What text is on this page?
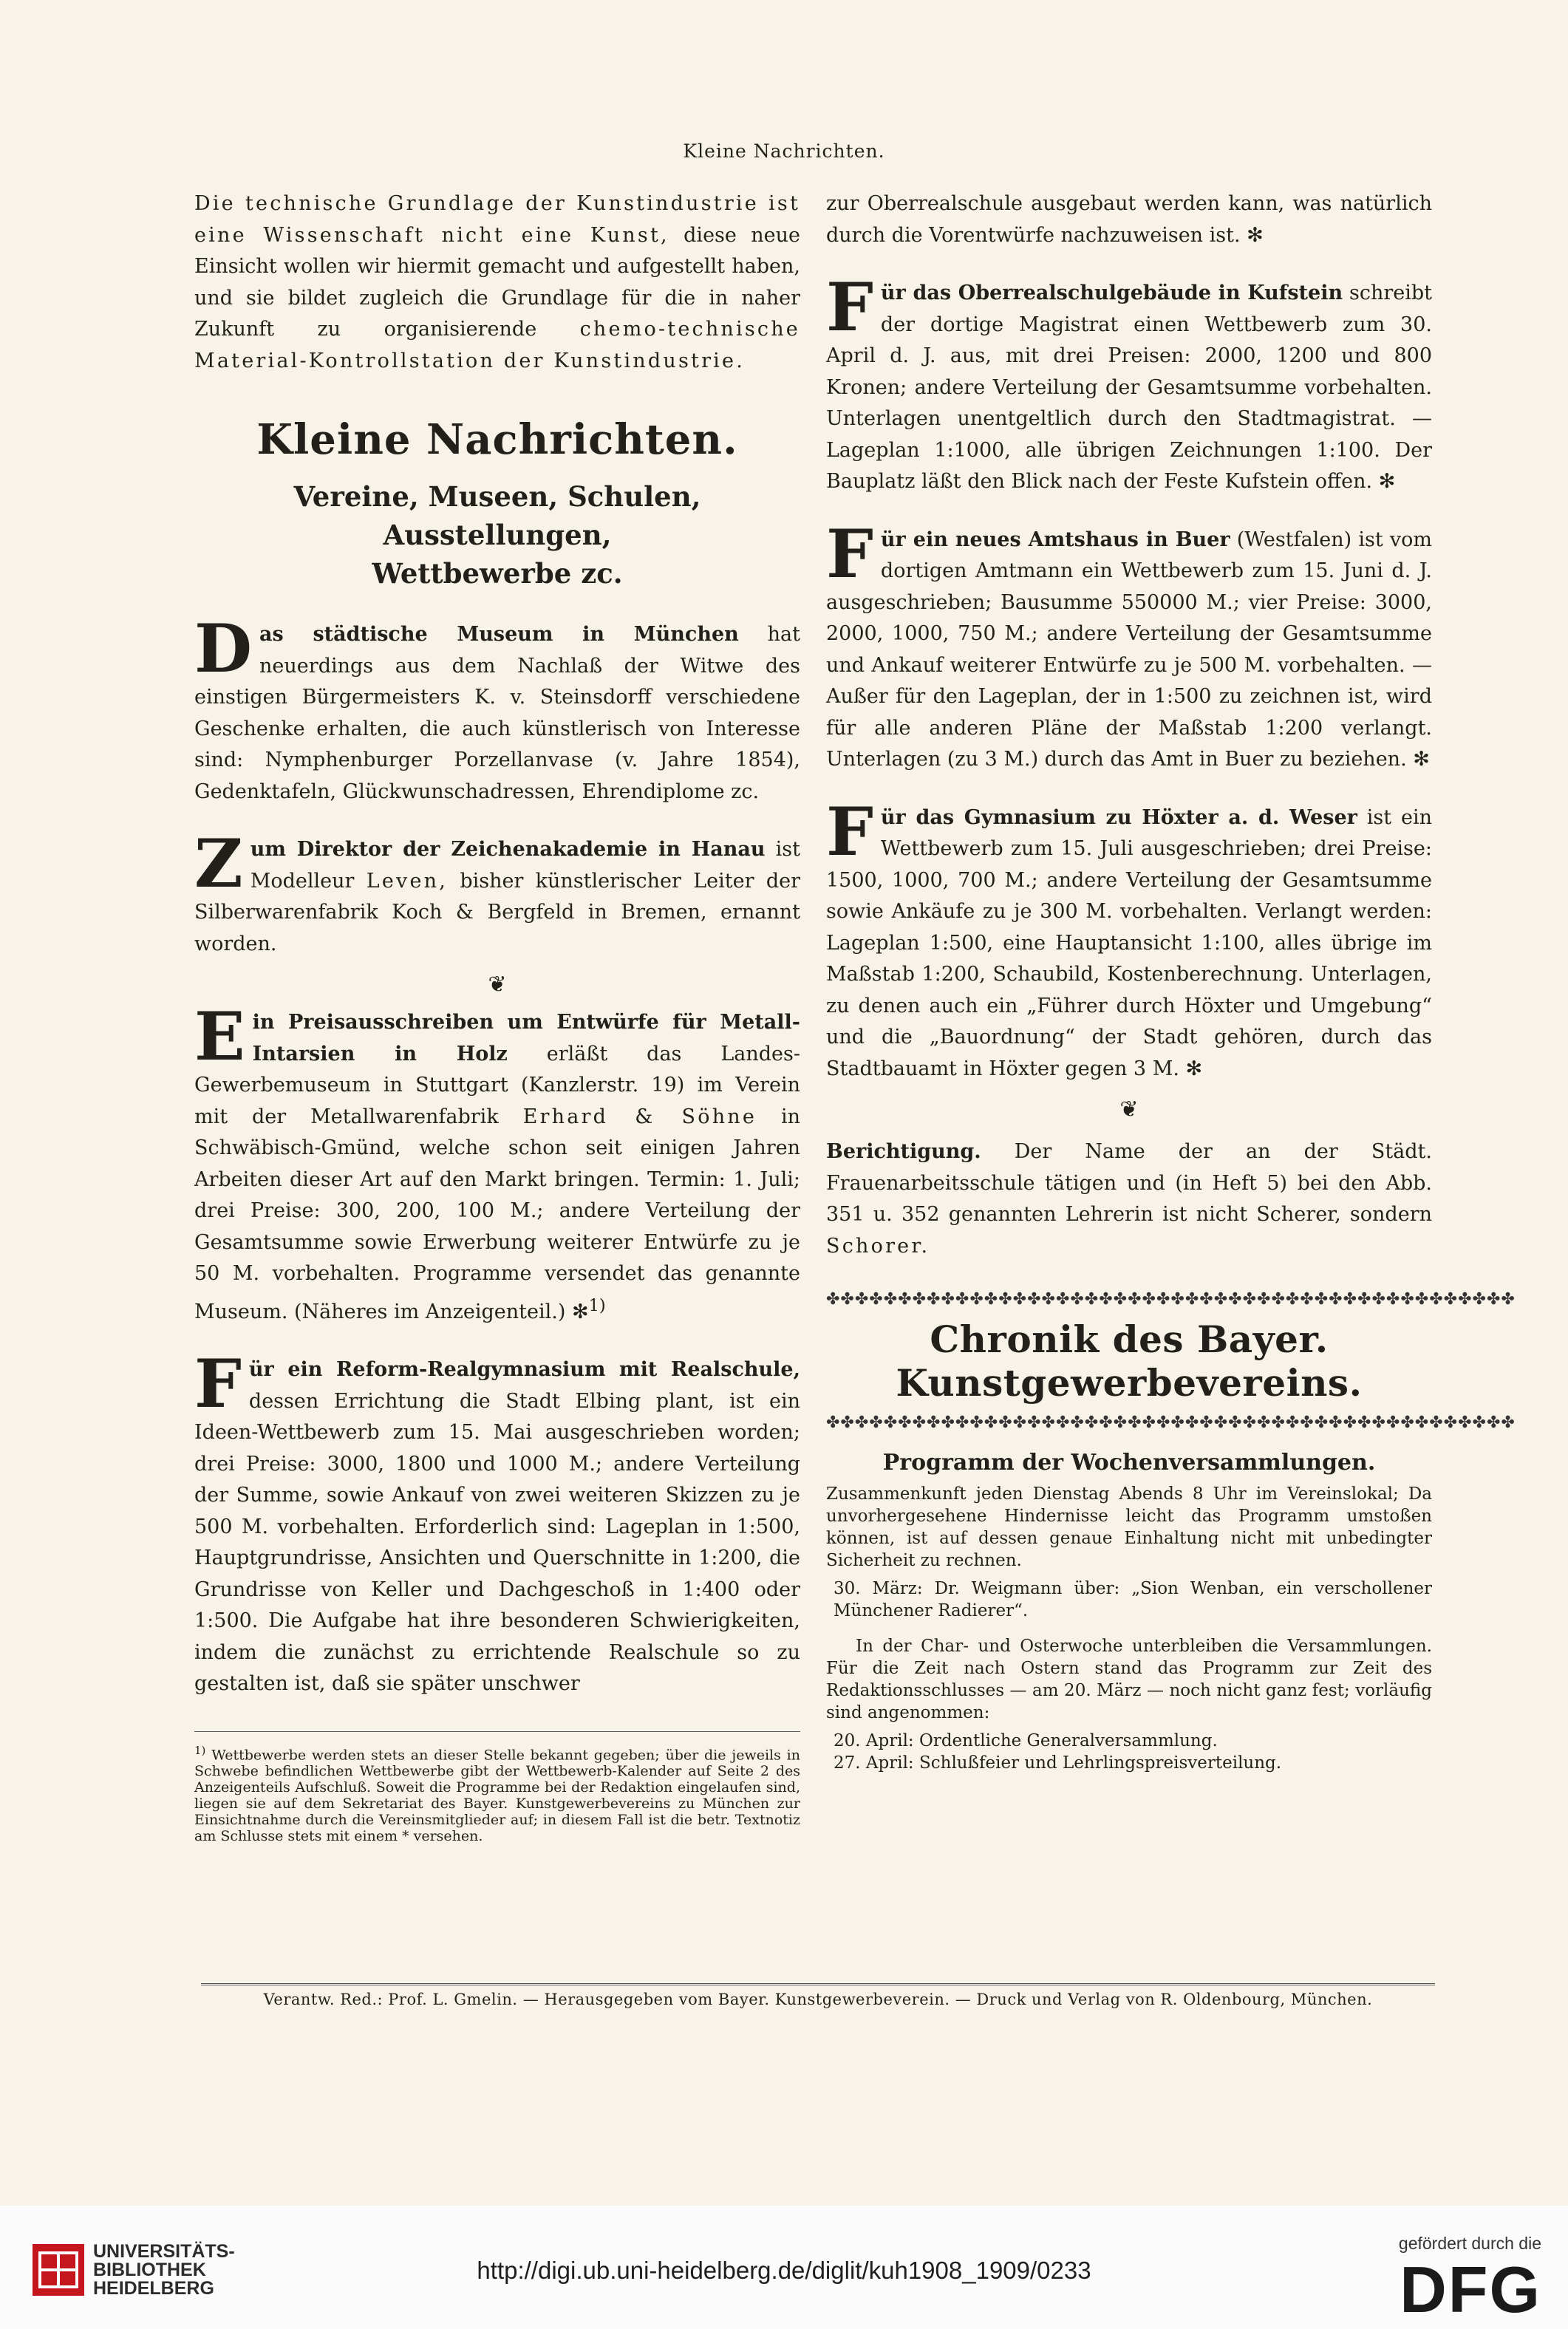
Kleine Nachrichten.

Die technische Grundlage der Kunstindustrie ist eine Wissenschaft nicht eine Kunst, diese neue Einsicht wollen wir hiermit gemacht und aufgestellt haben, und sie bildet zugleich die Grundlage für die in naher Zukunft zu organisierende chemo-technische Material-Kontrollstation der Kunstindustrie.

Kleine Nachrichten.
Vereine, Museen, Schulen, Ausstellungen,
Wettbewerbe zc.

Das städtische Museum in München hat neuerdings aus dem Nachlaß der Witwe des einstigen Bürgermeisters K. v. Steinsdorff verschiedene Geschenke erhalten, die auch künstlerisch von Interesse sind: Nymphenburger Porzellanvase (v. Jahre 1854), Gedenktafeln, Glückwunschadressen, Ehrendiplome zc.

Zum Direktor der Zeichenakademie in Hanau ist Modelleur Leven, bisher künstlerischer Leiter der Silberwarenfabrik Koch & Bergfeld in Bremen, ernannt worden.

❦

Ein Preisausschreiben um Entwürfe für Metall-Intarsien in Holz erläßt das Landes-Gewerbemuseum in Stuttgart (Kanzlerstr. 19) im Verein mit der Metallwarenfabrik Erhard & Söhne in Schwäbisch-Gmünd, welche schon seit einigen Jahren Arbeiten dieser Art auf den Markt bringen. Termin: 1. Juli; drei Preise: 300, 200, 100 M.; andere Verteilung der Gesamtsumme sowie Erwerbung weiterer Entwürfe zu je 50 M. vorbehalten. Programme versendet das genannte Museum. (Näheres im Anzeigenteil.) ✻$^{1)}$

Für ein Reform-Realgymnasium mit Realschule, dessen Errichtung die Stadt Elbing plant, ist ein Ideen-Wettbewerb zum 15. Mai ausgeschrieben worden; drei Preise: 3000, 1800 und 1000 M.; andere Verteilung der Summe, sowie Ankauf von zwei weiteren Skizzen zu je 500 M. vorbehalten. Erforderlich sind: Lageplan in 1:500, Hauptgrundrisse, Ansichten und Querschnitte in 1:200, die Grundrisse von Keller und Dachgeschoß in 1:400 oder 1:500. Die Aufgabe hat ihre besonderen Schwierigkeiten, indem die zunächst zu errichtende Realschule so zu gestalten ist, daß sie später unschwer

$^{1)}$ Wettbewerbe werden stets an dieser Stelle bekannt gegeben; über die jeweils in Schwebe befindlichen Wettbewerbe gibt der Wettbewerb-Kalender auf Seite 2 des Anzeigenteils Aufschluß. Soweit die Programme bei der Redaktion eingelaufen sind, liegen sie auf dem Sekretariat des Bayer. Kunstgewerbevereins zu München zur Einsichtnahme durch die Vereinsmitglieder auf; in diesem Fall ist die betr. Textnotiz am Schlusse stets mit einem * versehen.

zur Oberrealschule ausgebaut werden kann, was natürlich durch die Vorentwürfe nachzuweisen ist. ✻

Für das Oberrealschulgebäude in Kufstein schreibt der dortige Magistrat einen Wettbewerb zum 30. April d. J. aus, mit drei Preisen: 2000, 1200 und 800 Kronen; andere Verteilung der Gesamtsumme vorbehalten. Unterlagen unentgeltlich durch den Stadtmagistrat. — Lageplan 1:1000, alle übrigen Zeichnungen 1:100. Der Bauplatz läßt den Blick nach der Feste Kufstein offen. ✻

Für ein neues Amtshaus in Buer (Westfalen) ist vom dortigen Amtmann ein Wettbewerb zum 15. Juni d. J. ausgeschrieben; Bausumme 550000 M.; vier Preise: 3000, 2000, 1000, 750 M.; andere Verteilung der Gesamtsumme und Ankauf weiterer Entwürfe zu je 500 M. vorbehalten. — Außer für den Lageplan, der in 1:500 zu zeichnen ist, wird für alle anderen Pläne der Maßstab 1:200 verlangt. Unterlagen (zu 3 M.) durch das Amt in Buer zu beziehen. ✻

Für das Gymnasium zu Höxter a. d. Weser ist ein Wettbewerb zum 15. Juli ausgeschrieben; drei Preise: 1500, 1000, 700 M.; andere Verteilung der Gesamtsumme sowie Ankäufe zu je 300 M. vorbehalten. Verlangt werden: Lageplan 1:500, eine Hauptansicht 1:100, alles übrige im Maßstab 1:200, Schaubild, Kostenberechnung. Unterlagen, zu denen auch ein „Führer durch Höxter und Umgebung“ und die „Bauordnung“ der Stadt gehören, durch das Stadtbauamt in Höxter gegen 3 M. ✻

❦

Berichtigung. Der Name der an der Städt. Frauenarbeitsschule tätigen und (in Heft 5) bei den Abb. 351 u. 352 genannten Lehrerin ist nicht Scherer, sondern Schorer.

✤✤✤✤✤✤✤✤✤✤✤✤✤✤✤✤✤✤✤✤✤✤✤✤✤✤✤✤✤✤✤✤✤✤✤✤✤✤✤✤✤✤✤✤✤✤✤✤
Chronik des Bayer. Kunstgewerbevereins.
✤✤✤✤✤✤✤✤✤✤✤✤✤✤✤✤✤✤✤✤✤✤✤✤✤✤✤✤✤✤✤✤✤✤✤✤✤✤✤✤✤✤✤✤✤✤✤✤
Programm der Wochenversammlungen.

Zusammenkunft jeden Dienstag Abends 8 Uhr im Vereinslokal; Da unvorhergesehene Hindernisse leicht das Programm umstoßen können, ist auf dessen genaue Einhaltung nicht mit unbedingter Sicherheit zu rechnen.

30. März: Dr. Weigmann über: „Sion Wenban, ein verschollener Münchener Radierer“.

In der Char- und Osterwoche unterbleiben die Versammlungen. Für die Zeit nach Ostern stand das Programm zur Zeit des Redaktionsschlusses — am 20. März — noch nicht ganz fest; vorläufig sind angenommen:

20. April: Ordentliche Generalversammlung.

27. April: Schlußfeier und Lehrlingspreisverteilung.

Verantw. Red.: Prof. L. Gmelin. — Herausgegeben vom Bayer. Kunstgewerbeverein. — Druck und Verlag von R. Oldenbourg, München.
UNIVERSITÄTS-
BIBLIOTHEK
HEIDELBERG
http://digi.ub.uni-heidelberg.de/diglit/kuh1908_1909/0233
gefördert durch die
DFG
